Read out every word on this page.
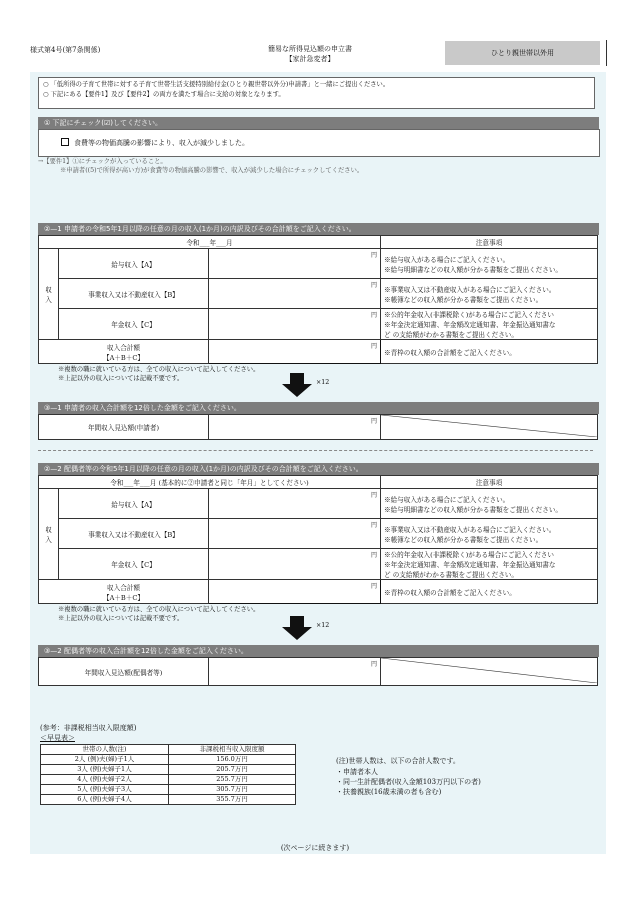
様式第4号(第7条関係)	簡易な所得見込額の申立書
【家計急変者】
ひとり親世帯以外用
○ 「低所得の子育て世帯に対する子育て世帯生活支援特別給付金(ひとり親世帯以外分)申請書」と一緒にご提出ください。
○ 下記にある【要件1】及び【要件2】の両方を満たす場合に支給の対象となります。
① 下記にチェック(☑)してください。
食費等の物価高騰の影響により、収入が減少しました。
→【要件1】①にチェックが入っていること。
※申請者((5)で所得が高い方)が食費等の物価高騰の影響で、収入が減少した場合にチェックしてください。
②—1 申請者の令和5年1月以降の任意の月の収入(1か月)の内訳及びその合計額をご記入ください。
令和___年___月			注意事項
収入	給与収入【A】	円	※給与収入がある場合にご記入ください。
※給与明細書などの収入額が分かる書類をご提出ください。

	事業収入又は不動産収入【B】	円	※事業収入又は不動産収入がある場合にご記入ください。
※帳簿などの収入額が分かる書類をご提出ください。

	年金収入【C】	円	※公的年金収入(非課税除く)がある場合にご記入ください
※年金決定通知書、年金額改定通知書、年金振込通知書な
ど の支給額がわかる書類をご提出ください。

収入合計額
【A＋B＋C】		円	※青枠の収入額の合計額をご記入ください。
※複数の職に就いている方は、全ての収入について記入してください。
※上記以外の収入については記載不要です。
×12
③—1 申請者の収入合計額を12倍した金額をご記入ください。
年間収入見込額(申請者)	
円

②—2 配偶者等の令和5年1月以降の任意の月の収入(1か月)の内訳及びその合計額をご記入ください。
令和___年___月 (基本的に②申請者と同じ「年月」としてください)			注意事項
収入	給与収入【A】	円	※給与収入がある場合にご記入ください。
※給与明細書などの収入額が分かる書類をご提出ください。

	事業収入又は不動産収入【B】	円	※事業収入又は不動産収入がある場合にご記入ください。
※帳簿などの収入額が分かる書類をご提出ください。

	年金収入【C】	円	※公的年金収入(非課税除く)がある場合にご記入ください
※年金決定通知書、年金額改定通知書、年金振込通知書な
ど の支給額がわかる書類をご提出ください。

収入合計額
【A＋B＋C】		円	※青枠の収入額の合計額をご記入ください。
※複数の職に就いている方は、全ての収入について記入してください。
※上記以外の収入については記載不要です。
×12
③—2 配偶者等の収入合計額を12倍した金額をご記入ください。
年間収入見込額(配偶者等)	
円

(参考：非課税相当収入限度額)
＜早見表＞
世帯の人数(注)	非課税相当収入限度額
2人 (例)夫(婦)子1人	156.0万円
3人 (例)夫婦子1人	205.7万円
4人 (例)夫婦子2人	255.7万円
5人 (例)夫婦子3人	305.7万円
6人 (例)夫婦子4人	355.7万円
(注)世帯人数は、以下の合計人数です。
・申請者本人
・同一生計配偶者(収入金額103万円以下の者)
・扶養親族(16歳未満の者も含む)
(次ページに続きます)
